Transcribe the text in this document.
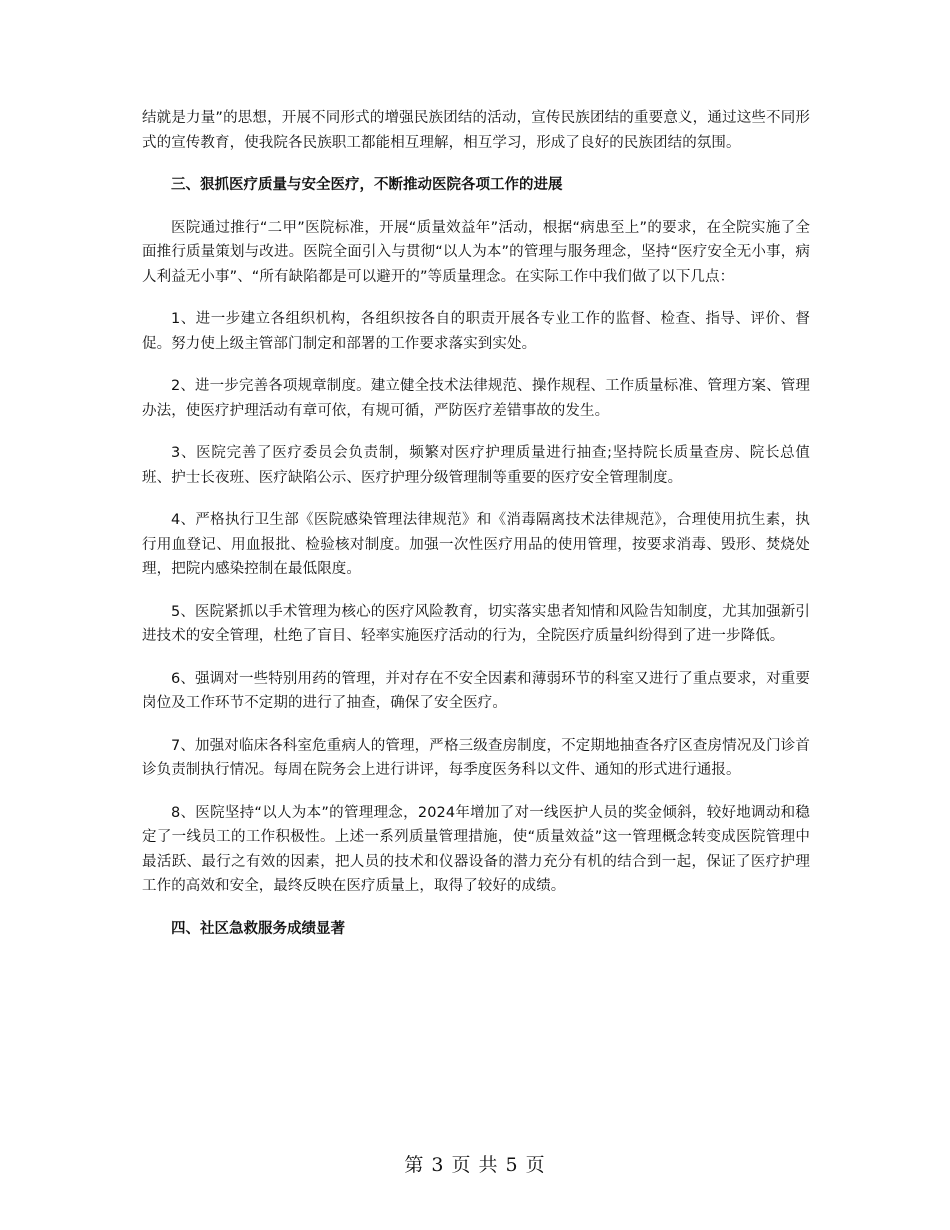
结就是力量”的思想，开展不同形式的增强民族团结的活动，宣传民族团结的重要意义，通过这些不同形式的宣传教育，使我院各民族职工都能相互理解，相互学习，形成了良好的民族团结的氛围。

三、狠抓医疗质量与安全医疗，不断推动医院各项工作的进展

医院通过推行“二甲”医院标准，开展“质量效益年”活动，根据“病患至上”的要求，在全院实施了全面推行质量策划与改进。医院全面引入与贯彻“以人为本”的管理与服务理念，坚持“医疗安全无小事，病人利益无小事”、“所有缺陷都是可以避开的”等质量理念。在实际工作中我们做了以下几点：

1、进一步建立各组织机构，各组织按各自的职责开展各专业工作的监督、检查、指导、评价、督促。努力使上级主管部门制定和部署的工作要求落实到实处。

2、进一步完善各项规章制度。建立健全技术法律规范、操作规程、工作质量标准、管理方案、管理办法，使医疗护理活动有章可依，有规可循，严防医疗差错事故的发生。

3、医院完善了医疗委员会负责制，频繁对医疗护理质量进行抽查;坚持院长质量查房、院长总值班、护士长夜班、医疗缺陷公示、医疗护理分级管理制等重要的医疗安全管理制度。

4、严格执行卫生部《医院感染管理法律规范》和《消毒隔离技术法律规范》，合理使用抗生素，执行用血登记、用血报批、检验核对制度。加强一次性医疗用品的使用管理，按要求消毒、毁形、焚烧处理，把院内感染控制在最低限度。

5、医院紧抓以手术管理为核心的医疗风险教育，切实落实患者知情和风险告知制度，尤其加强新引进技术的安全管理，杜绝了盲目、轻率实施医疗活动的行为，全院医疗质量纠纷得到了进一步降低。

6、强调对一些特别用药的管理，并对存在不安全因素和薄弱环节的科室又进行了重点要求，对重要岗位及工作环节不定期的进行了抽查，确保了安全医疗。

7、加强对临床各科室危重病人的管理，严格三级查房制度，不定期地抽查各疗区查房情况及门诊首诊负责制执行情况。每周在院务会上进行讲评，每季度医务科以文件、通知的形式进行通报。

8、医院坚持“以人为本”的管理理念，2024年增加了对一线医护人员的奖金倾斜，较好地调动和稳定了一线员工的工作积极性。上述一系列质量管理措施，使“质量效益”这一管理概念转变成医院管理中最活跃、最行之有效的因素，把人员的技术和仪器设备的潜力充分有机的结合到一起，保证了医疗护理工作的高效和安全，最终反映在医疗质量上，取得了较好的成绩。

四、社区急救服务成绩显著

第 3 页 共 5 页
